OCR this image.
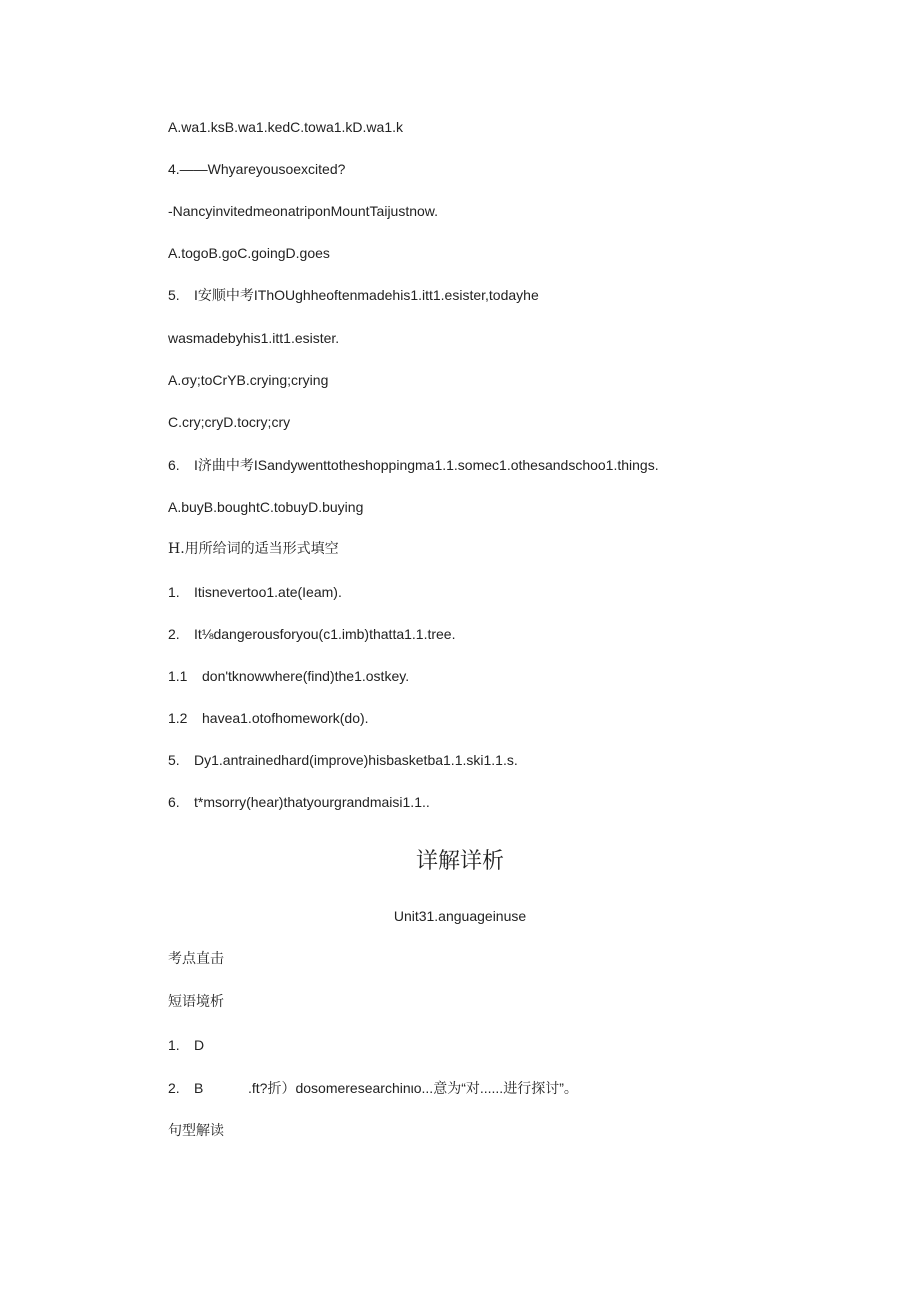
A.wa1.ksB.wa1.kedC.towa1.kD.wa1.k
4.——Whyareyousoexcited?
-NancyinvitedmeonatriponMountTaijustnow.
A.togoB.goC.goingD.goes
5. I安顺中考IThOUghheoftenmadehis1.itt1.esister,todayhe
wasmadebyhis1.itt1.esister.
A.σy;toCrYB.crying;crying
C.cry;cryD.tocry;cry
6. I济曲中考ISandywenttotheshoppingma1.1.somec1.othesandschoo1.things.
A.buyB.boughtC.tobuyD.buying
H.用所给词的适当形式填空
1. Itisnevertoo1.ate(Ieam).
2. It⅛dangerousforyou(c1.imb)thatta1.1.tree.
1.1 don'tknowwhere(find)the1.ostkey.
1.2 havea1.otofhomework(do).
5. Dy1.antrainedhard(improve)hisbasketba1.1.ski1.1.s.
6. t*msorry(hear)thatyourgrandmaisi1.1..
详解详析
Unit31.anguageinuse
考点直击
短语境析
1. D
2. B	.ft?折）dosomeresearchinιo...意为“对......进行探讨”。
句型解读
